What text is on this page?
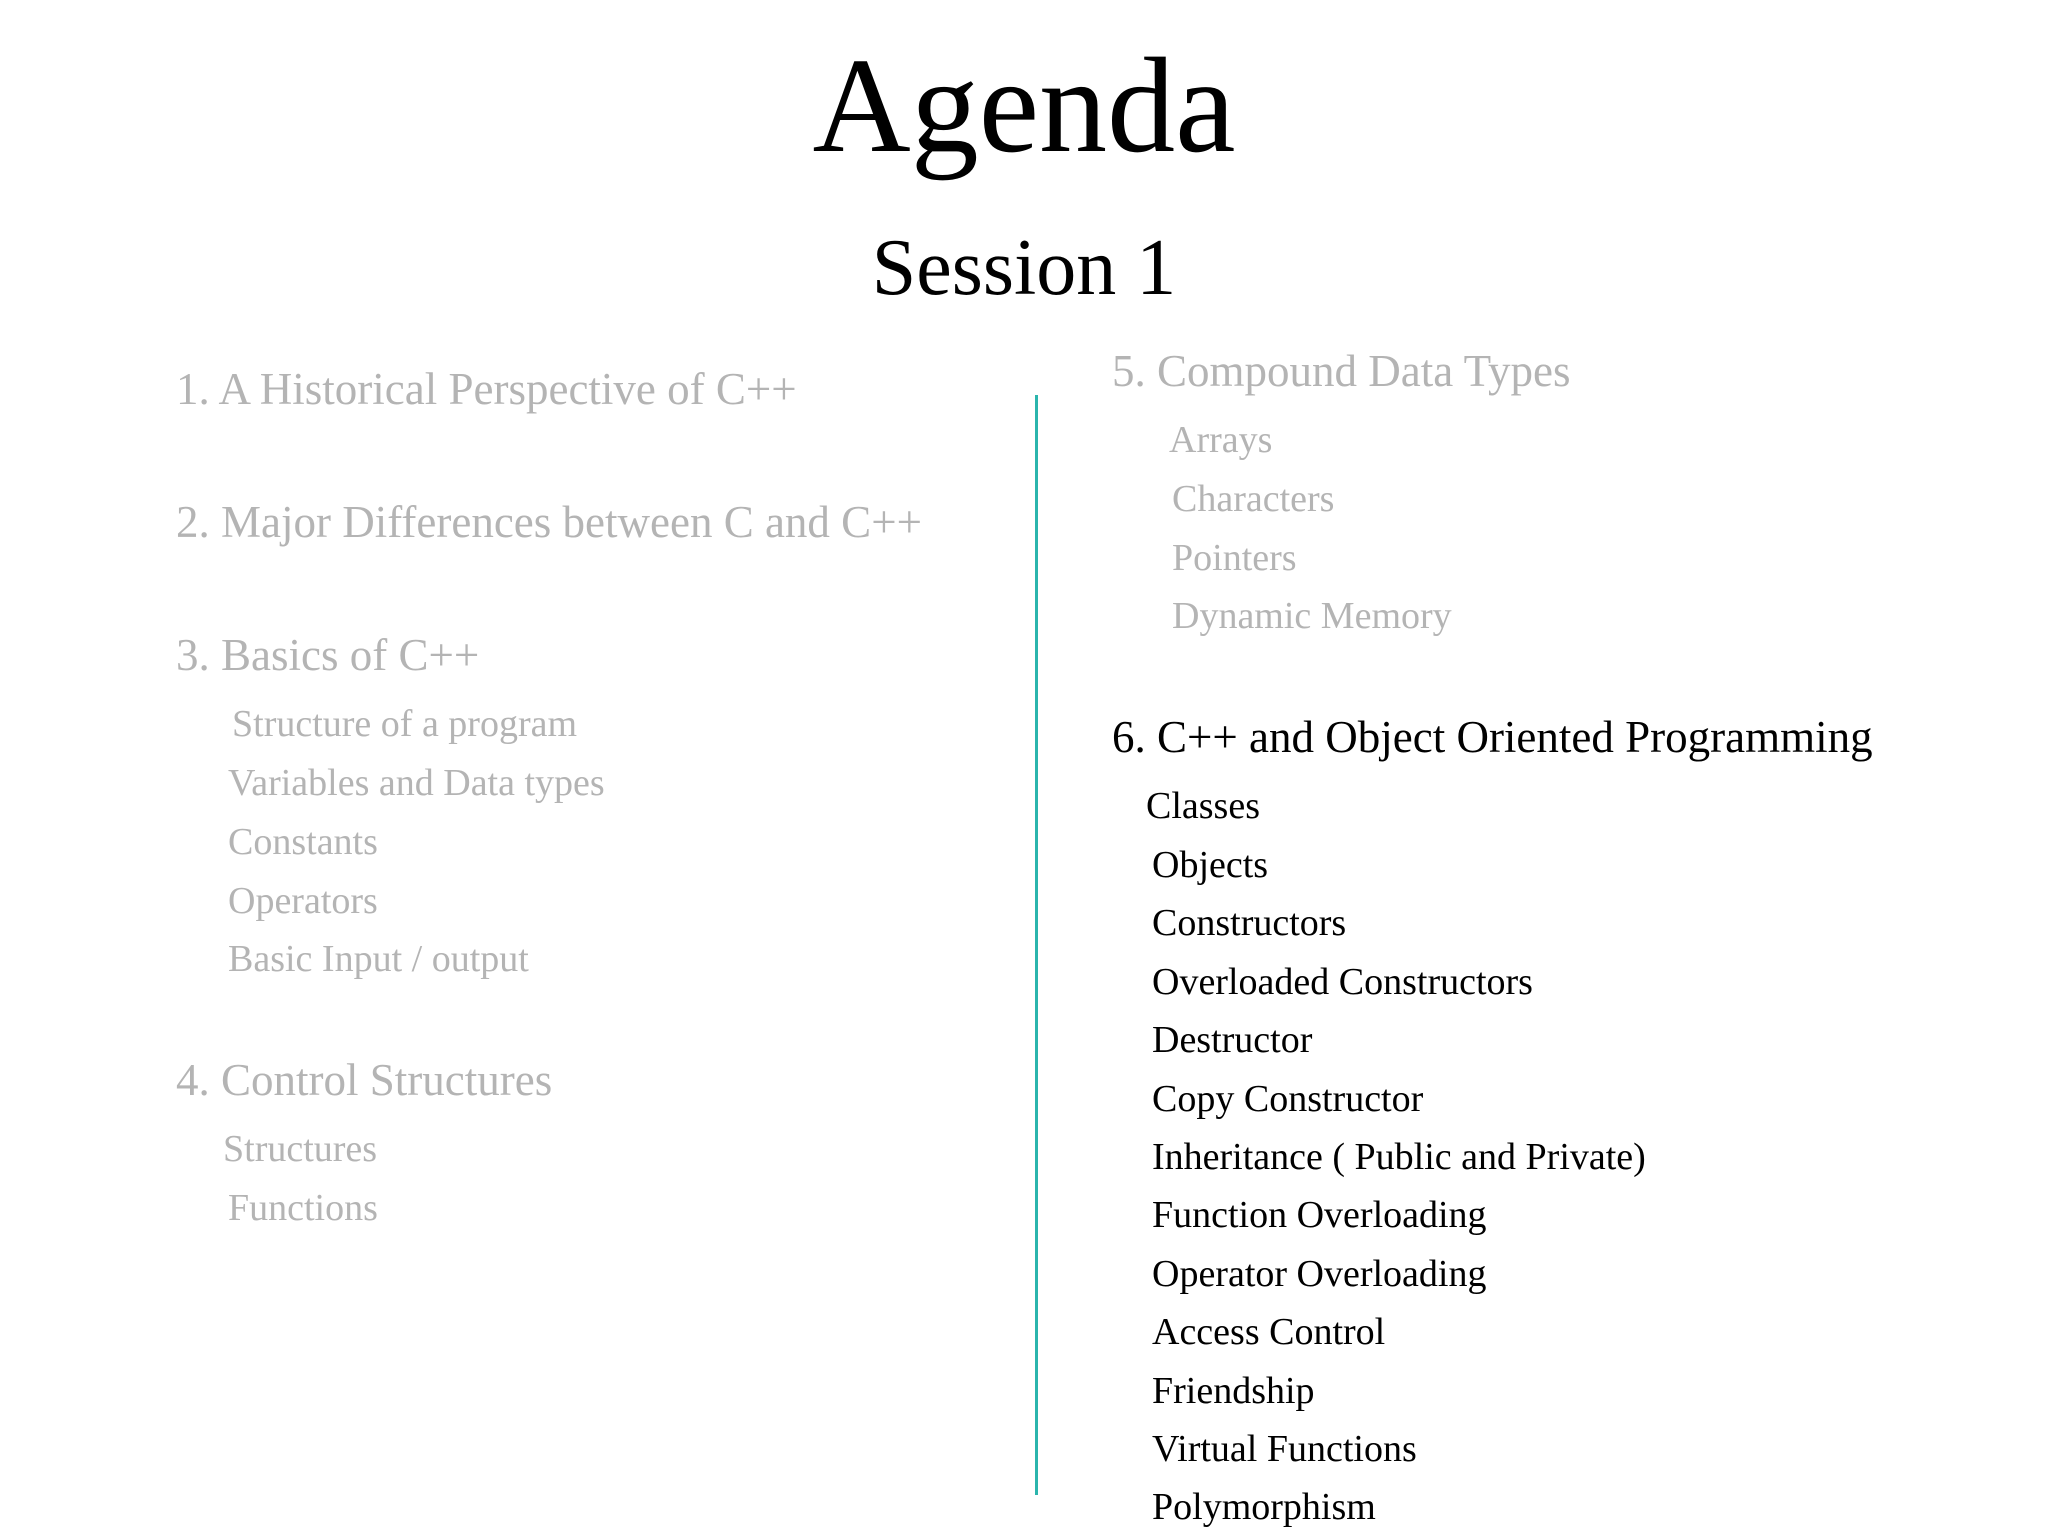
Agenda
Session 1
1. A Historical Perspective of C++
2. Major Differences between C and C++
3. Basics of C++
Structure of a program
Variables and Data types
Constants
Operators
Basic Input / output
4. Control Structures
Structures
Functions
5. Compound Data Types
Arrays
Characters
Pointers
Dynamic Memory
6. C++ and Object Oriented Programming
Classes
Objects
Constructors
Overloaded Constructors
Destructor
Copy Constructor
Inheritance ( Public and Private)
Function Overloading
Operator Overloading
Access Control
Friendship
Virtual Functions
Polymorphism
